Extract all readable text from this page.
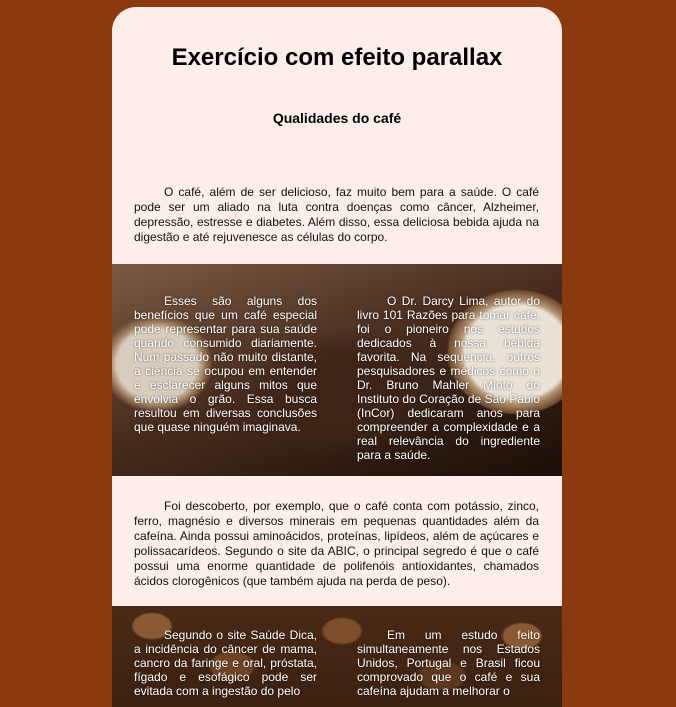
Exercício com efeito parallax
Qualidades do café

O café, além de ser delicioso, faz muito bem para a saúde. O café pode ser um aliado na luta contra doenças como câncer, Alzheimer, depressão, estresse e diabetes. Além disso, essa deliciosa bebida ajuda na digestão e até rejuvenesce as células do corpo.

Esses são alguns dos benefícios que um café especial pode representar para sua saúde quando consumido diariamente. Num passado não muito distante, a ciência se ocupou em entender e esclarecer alguns mitos que envolvia o grão. Essa busca resultou em diversas conclusões que quase ninguém imaginava.

O Dr. Darcy Lima, autor do livro 101 Razões para tomar café, foi o pioneiro nos estudos dedicados à nossa bebida favorita. Na sequencia, outros pesquisadores e médicos como o Dr. Bruno Mahler Mioto do Instituto do Coração de São Paulo (InCor) dedicaram anos para compreender a complexidade e a real relevância do ingrediente para a saúde.

Foi descoberto, por exemplo, que o café conta com potássio, zinco, ferro, magnésio e diversos minerais em pequenas quantidades além da cafeína. Ainda possui aminoácidos, proteínas, lipídeos, além de açúcares e polissacarídeos. Segundo o site da ABIC, o principal segredo é que o café possui uma enorme quantidade de polifenóis antioxidantes, chamados ácidos clorogênicos (que também ajuda na perda de peso).

Segundo o site Saúde Dica, a incidência do câncer de mama, cancro da faringe e oral, próstata, fígado e esofágico pode ser evitada com a ingestão do pelo

Em um estudo feito simultaneamente nos Estados Unidos, Portugal e Brasil ficou comprovado que o café e sua cafeína ajudam a melhorar o
